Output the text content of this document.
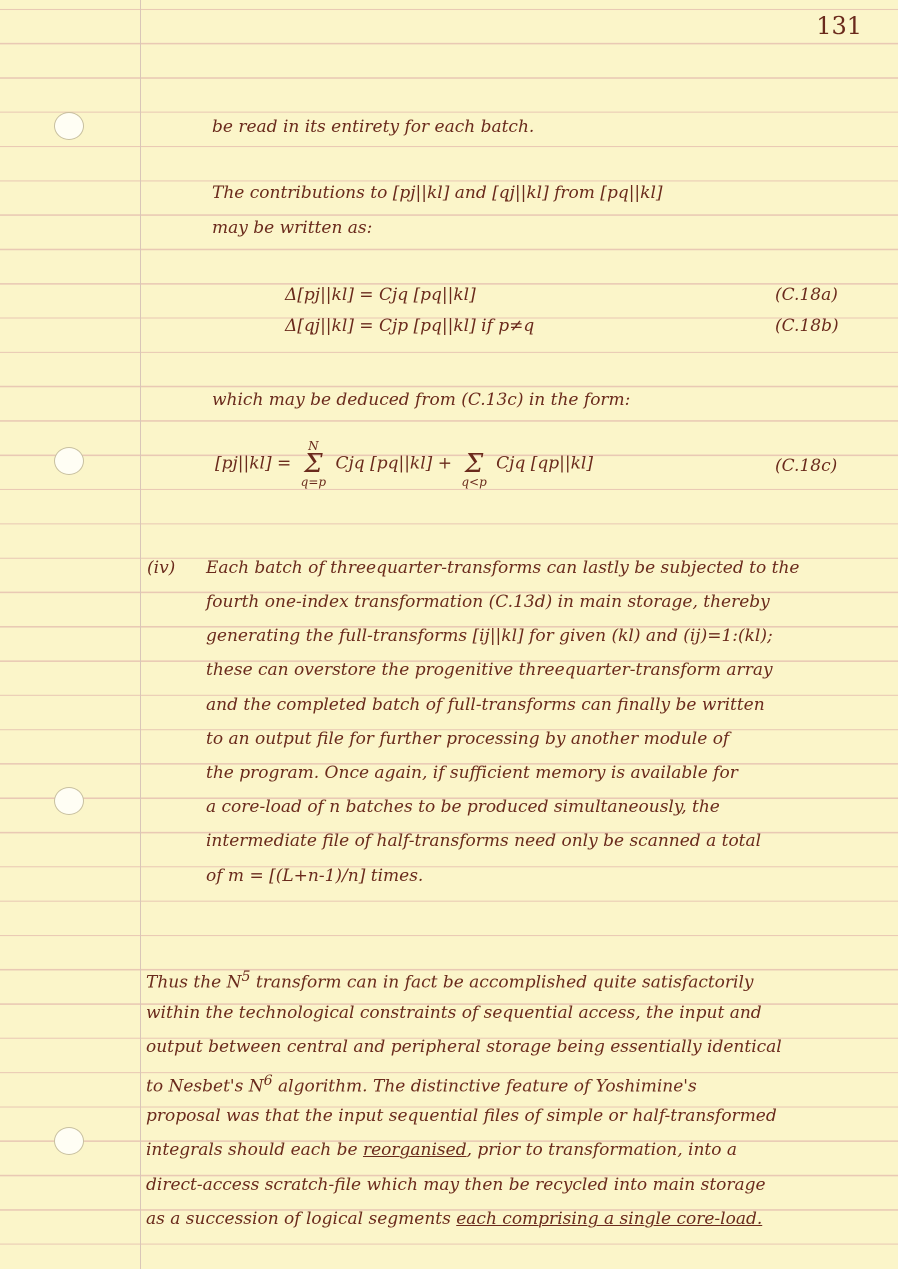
131
be read in its entirety for each batch.
The contributions to [pj||kl] and [qj||kl] from [pq||kl]
may be written as:
Δ[pj||kl] = Cjq [pq||kl]	(C.18a)
Δ[qj||kl] = Cjp [pq||kl] if p≠q	(C.18b)
which may be deduced from (C.13c) in the form:
[pj||kl] = N
Σ
q=p Cjq [pq||kl] + Σ
q<p Cjq [qp||kl]	(C.18c)
(iv) Each batch of threequarter-transforms can lastly be subjected to the
fourth one-index transformation (C.13d) in main storage, thereby
generating the full-transforms [ij||kl] for given (kl) and (ij)=1:(kl);
these can overstore the progenitive threequarter-transform array
and the completed batch of full-transforms can finally be written
to an output file for further processing by another module of
the program. Once again, if sufficient memory is available for
a core-load of n batches to be produced simultaneously, the
intermediate file of half-transforms need only be scanned a total
of m = [(L+n-1)/n] times.
Thus the $N^5$ transform can in fact be accomplished quite satisfactorily
within the technological constraints of sequential access, the input and
output between central and peripheral storage being essentially identical
to Nesbet's $N^6$ algorithm. The distinctive feature of Yoshimine's
proposal was that the input sequential files of simple or half-transformed
integrals should each be reorganised, prior to transformation, into a
direct-access scratch-file which may then be recycled into main storage
as a succession of logical segments each comprising a single core-load.
